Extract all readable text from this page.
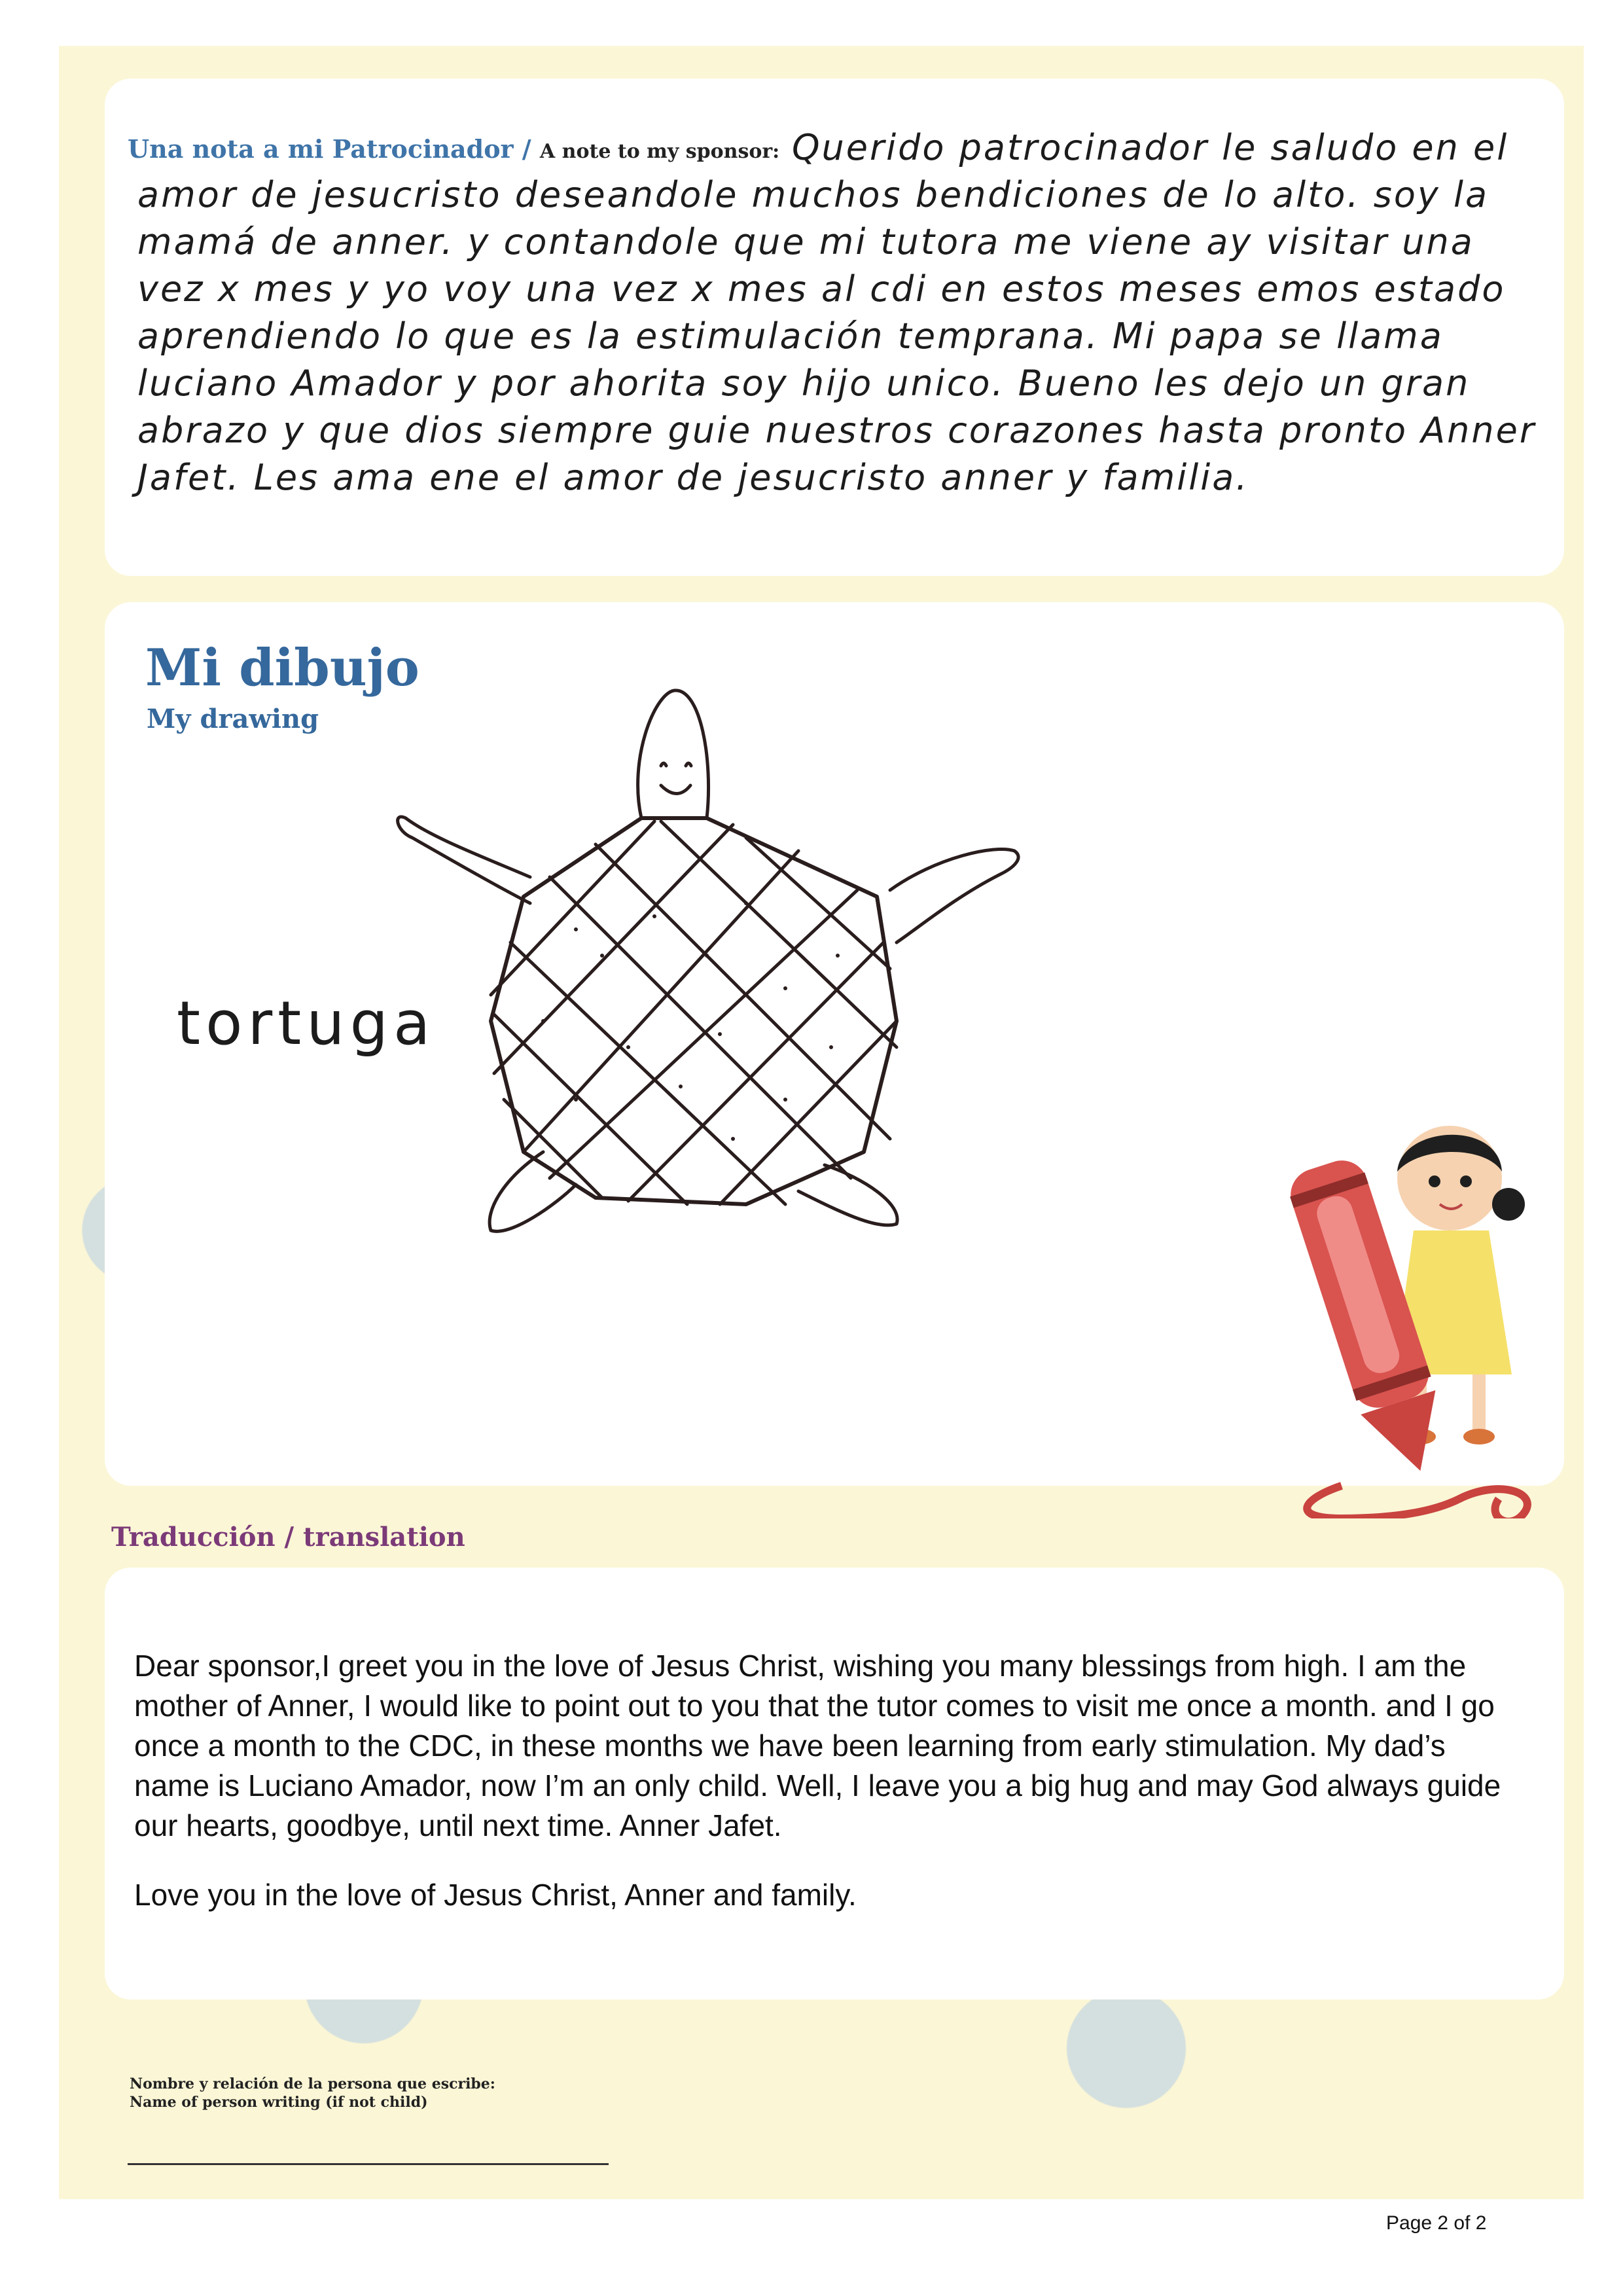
Una nota a mi Patrocinador / A note to my sponsor: Querido patrocinador le saludo en el amor de jesucristo deseandole muchos bendiciones de lo alto. soy la mamá de anner. y contandole que mi tutora me viene ay visitar una vez x mes y yo voy una vez x mes al cdi en estos meses emos estado aprendiendo lo que es la estimulación temprana. Mi papa se llama luciano Amador y por ahorita soy hijo unico. Bueno les dejo un gran abrazo y que dios siempre guie nuestros corazones hasta pronto Anner Jafet. Les ama ene el amor de jesucristo anner y familia.
Mi dibujo
My drawing
tortuga
Traducción / translation

Dear sponsor,I greet you in the love of Jesus Christ, wishing you many blessings from high. I am the mother of Anner, I would like to point out to you that the tutor comes to visit me once a month. and I go once a month to the CDC, in these months we have been learning from early stimulation. My dad’s name is Luciano Amador, now I’m an only child. Well, I leave you a big hug and may God always guide our hearts, goodbye, until next time. Anner Jafet.

Love you in the love of Jesus Christ, Anner and family.

Nombre y relación de la persona que escribe:
Name of person writing (if not child)
Page 2 of 2
